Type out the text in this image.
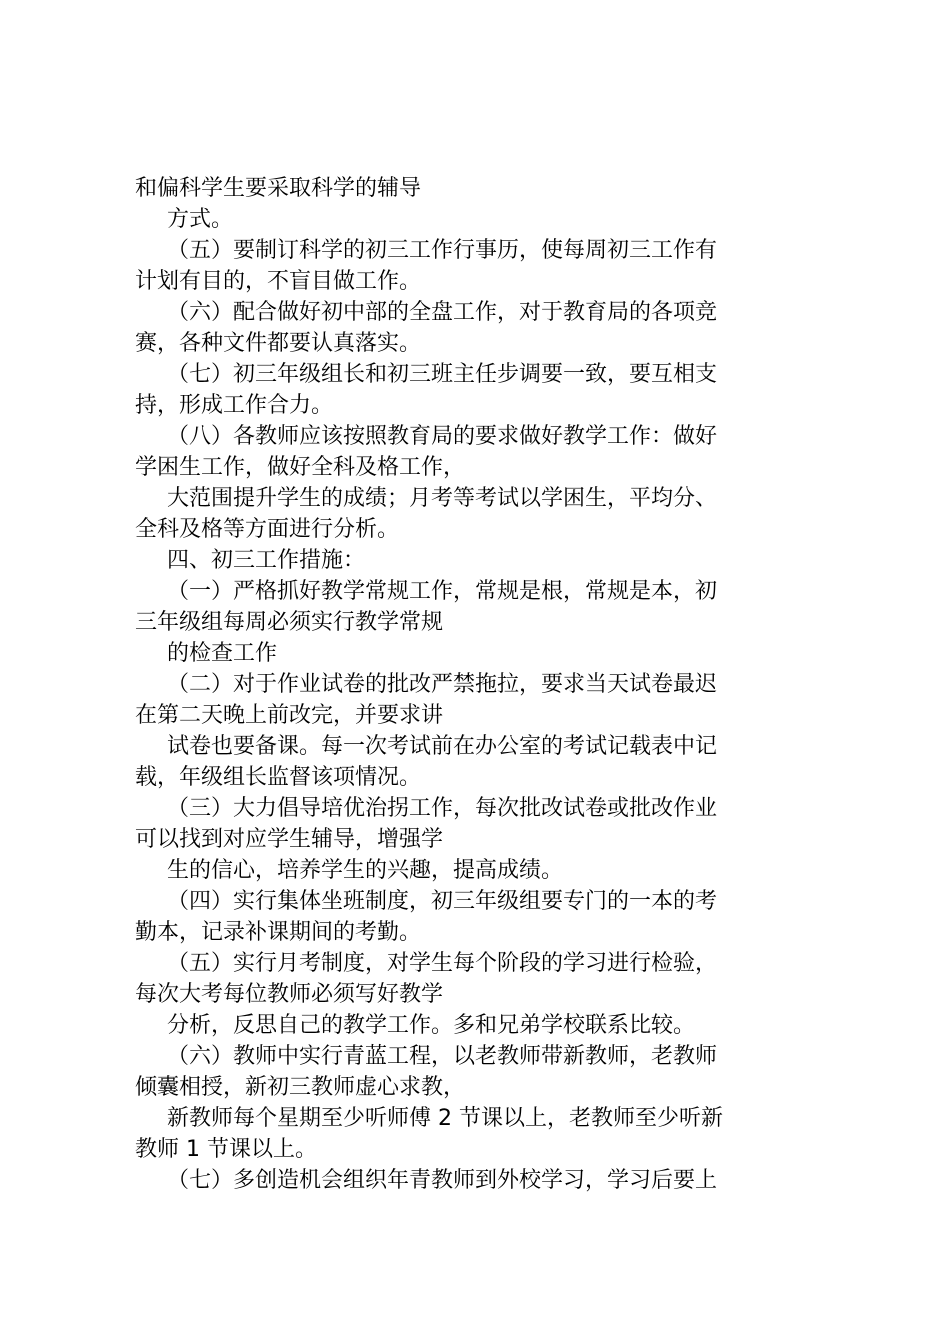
和偏科学生要采取科学的辅导
方式。
（五）要制订科学的初三工作行事历，使每周初三工作有
计划有目的，不盲目做工作。
（六）配合做好初中部的全盘工作，对于教育局的各项竞
赛，各种文件都要认真落实。
（七）初三年级组长和初三班主任步调要一致，要互相支
持，形成工作合力。
（八）各教师应该按照教育局的要求做好教学工作：做好
学困生工作，做好全科及格工作，
大范围提升学生的成绩；月考等考试以学困生，平均分、
全科及格等方面进行分析。
四、初三工作措施：
（一）严格抓好教学常规工作，常规是根，常规是本，初
三年级组每周必须实行教学常规
的检查工作
（二）对于作业试卷的批改严禁拖拉，要求当天试卷最迟
在第二天晚上前改完，并要求讲
试卷也要备课。每一次考试前在办公室的考试记载表中记
载，年级组长监督该项情况。
（三）大力倡导培优治拐工作，每次批改试卷或批改作业
可以找到对应学生辅导，增强学
生的信心，培养学生的兴趣，提高成绩。
（四）实行集体坐班制度，初三年级组要专门的一本的考
勤本，记录补课期间的考勤。
（五）实行月考制度，对学生每个阶段的学习进行检验，
每次大考每位教师必须写好教学
分析，反思自己的教学工作。多和兄弟学校联系比较。
（六）教师中实行青蓝工程，以老教师带新教师，老教师
倾囊相授，新初三教师虚心求教，
新教师每个星期至少听师傅 2 节课以上，老教师至少听新
教师 1 节课以上。
（七）多创造机会组织年青教师到外校学习，学习后要上
